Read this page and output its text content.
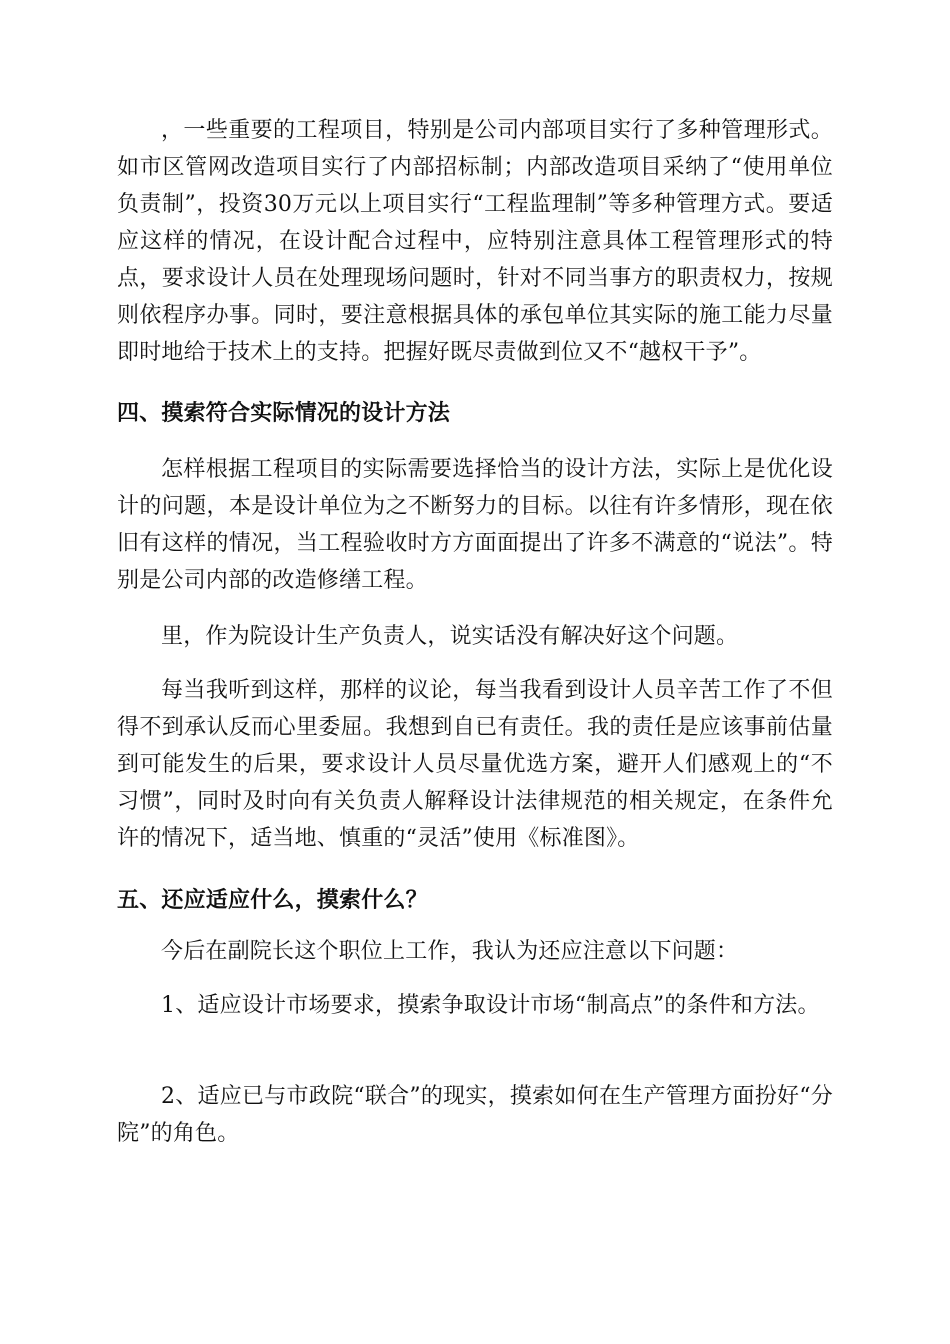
，一些重要的工程项目，特别是公司内部项目实行了多种管理形式。如市区管网改造项目实行了内部招标制；内部改造项目采纳了“使用单位负责制”，投资30万元以上项目实行“工程监理制”等多种管理方式。要适应这样的情况，在设计配合过程中，应特别注意具体工程管理形式的特点，要求设计人员在处理现场问题时，针对不同当事方的职责权力，按规则依程序办事。同时，要注意根据具体的承包单位其实际的施工能力尽量即时地给于技术上的支持。把握好既尽责做到位又不“越权干予”。

四、摸索符合实际情况的设计方法

怎样根据工程项目的实际需要选择恰当的设计方法，实际上是优化设计的问题，本是设计单位为之不断努力的目标。以往有许多情形，现在依旧有这样的情况，当工程验收时方方面面提出了许多不满意的“说法”。特别是公司内部的改造修缮工程。

里，作为院设计生产负责人，说实话没有解决好这个问题。

每当我听到这样，那样的议论，每当我看到设计人员辛苦工作了不但得不到承认反而心里委屈。我想到自已有责任。我的责任是应该事前估量到可能发生的后果，要求设计人员尽量优选方案，避开人们感观上的“不习惯”，同时及时向有关负责人解释设计法律规范的相关规定，在条件允许的情况下，适当地、慎重的“灵活”使用《标准图》。

五、还应适应什么，摸索什么？

今后在副院长这个职位上工作，我认为还应注意以下问题：

1、适应设计市场要求，摸索争取设计市场“制高点”的条件和方法。

2、适应已与市政院“联合”的现实，摸索如何在生产管理方面扮好“分院”的角色。
